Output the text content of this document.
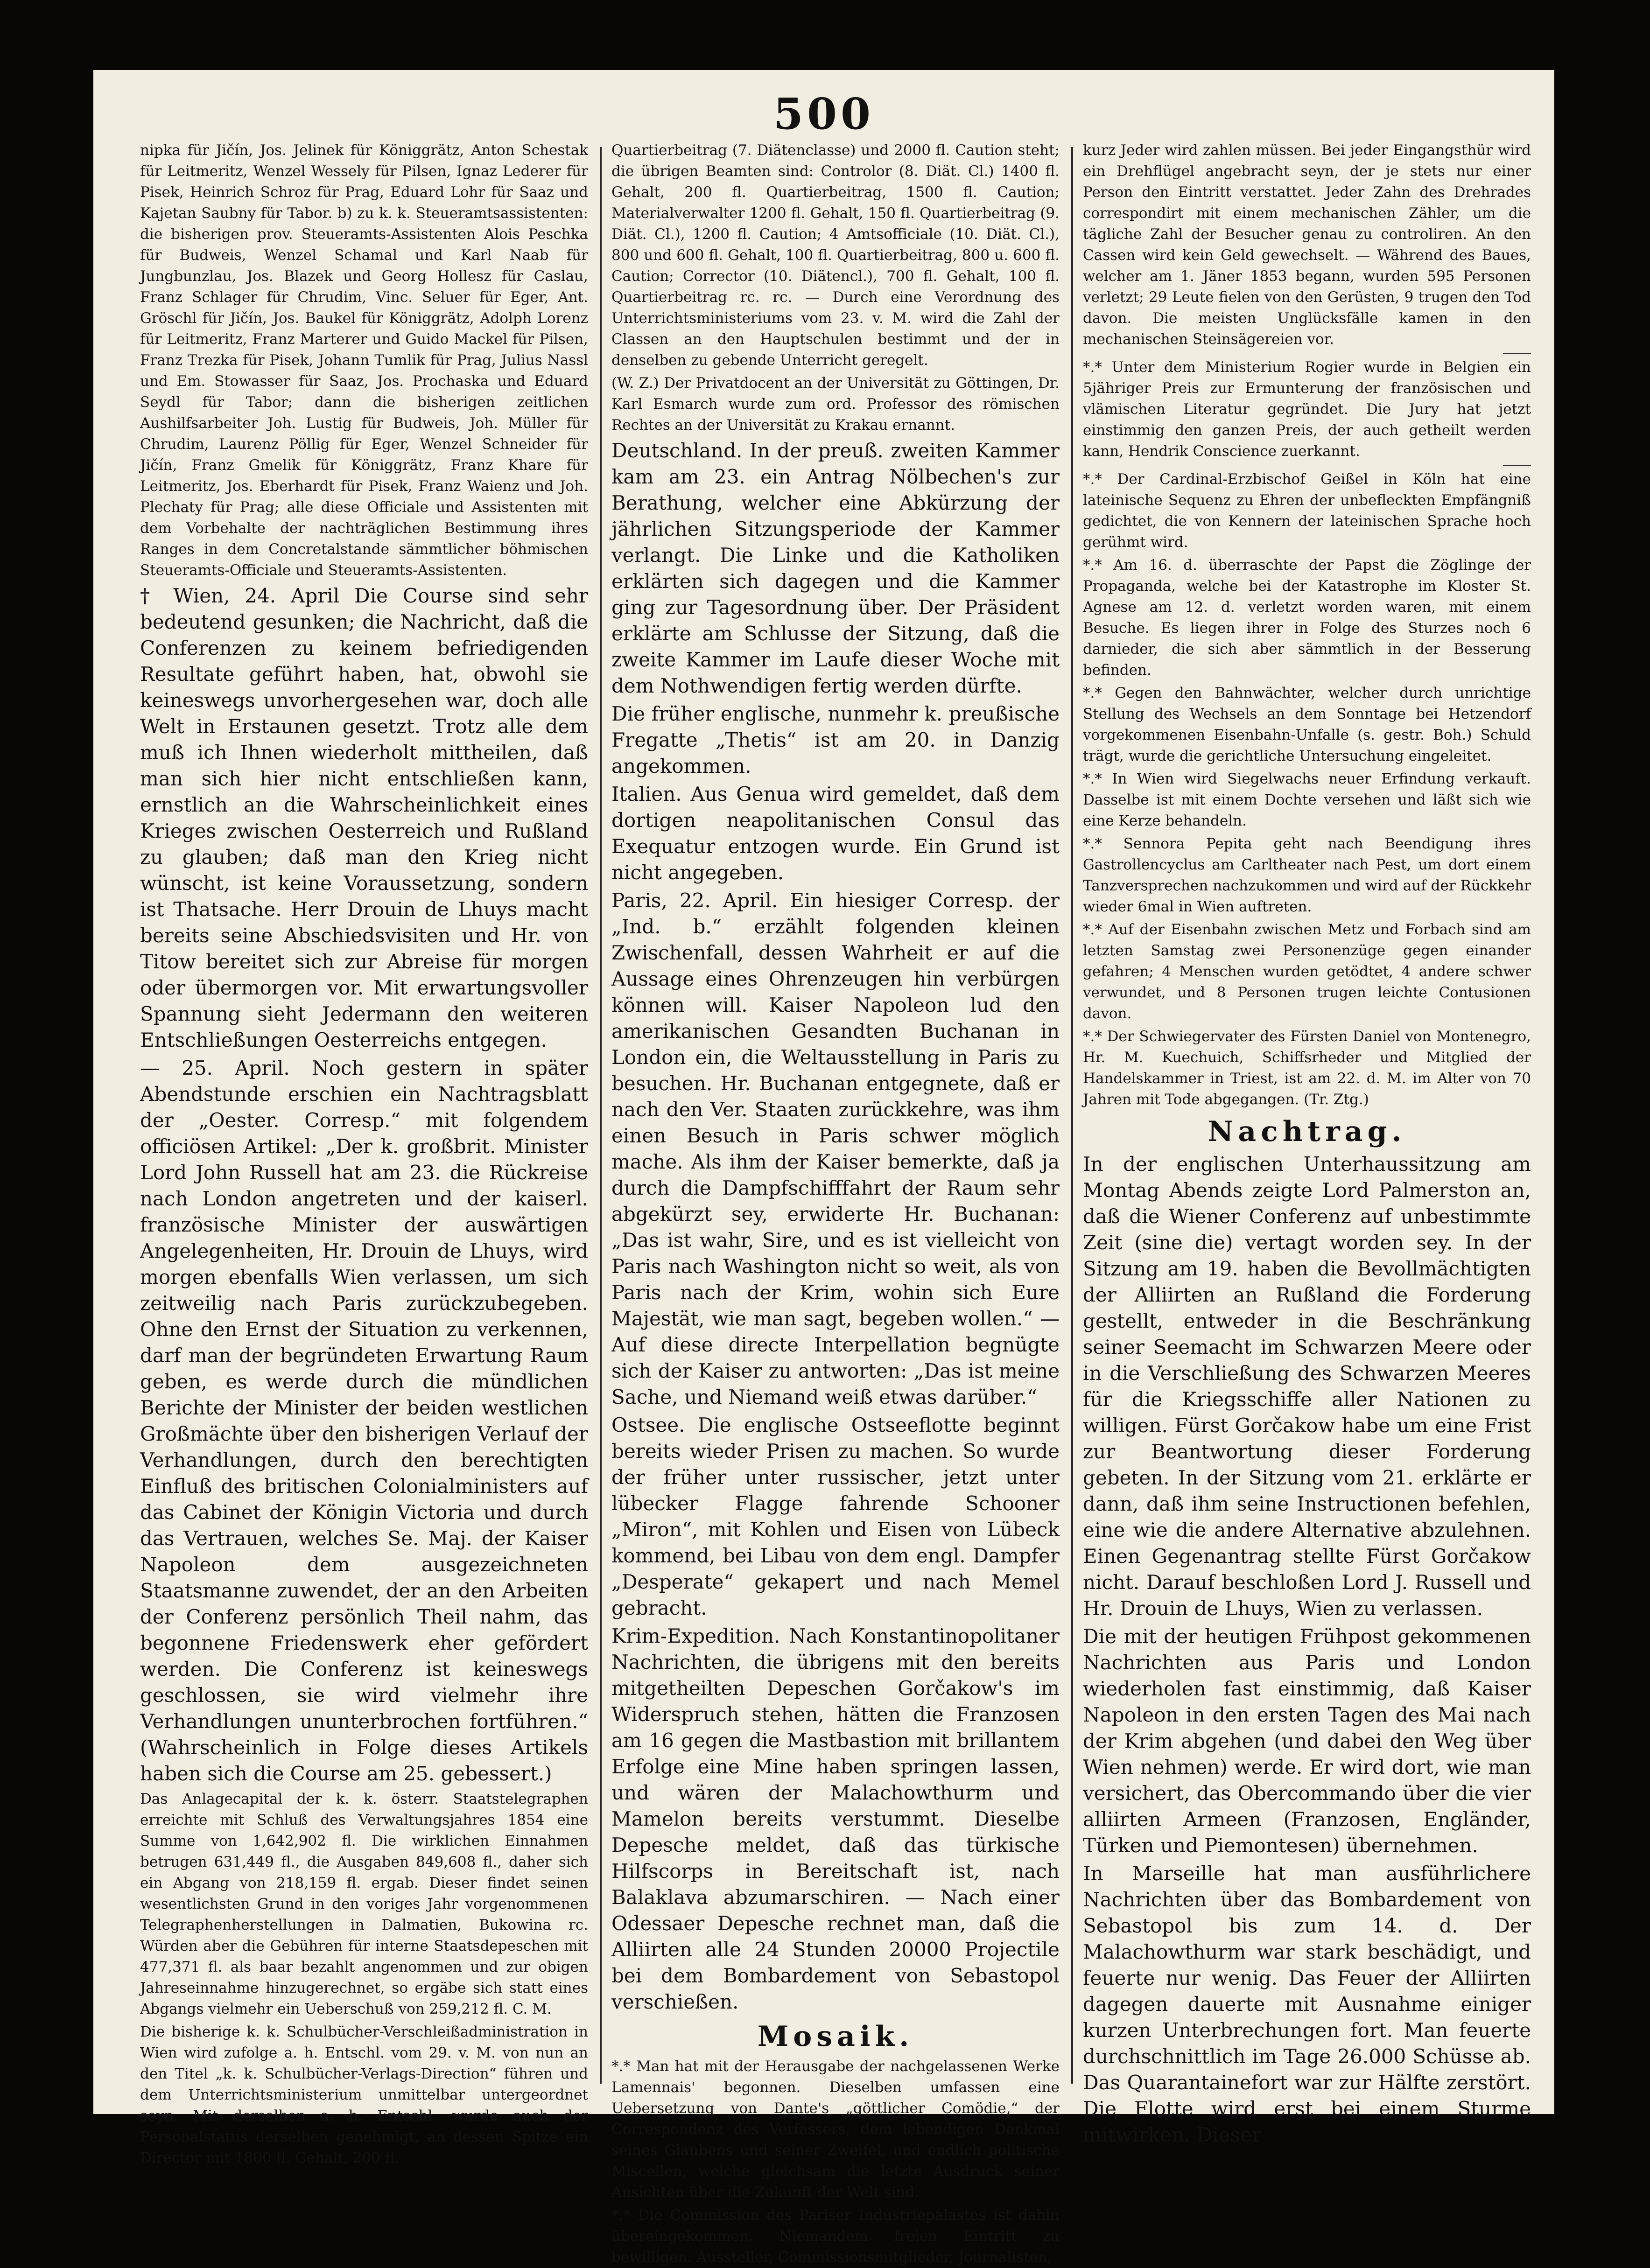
500

nipka für Jičín, Jos. Jelinek für Königgrätz, Anton Schestak für Leitmeritz, Wenzel Wessely für Pilsen, Ignaz Lederer für Pisek, Heinrich Schroz für Prag, Eduard Lohr für Saaz und Kajetan Saubny für Tabor. b) zu k. k. Steueramtsassistenten: die bisherigen prov. Steueramts-Assistenten Alois Peschka für Budweis, Wenzel Schamal und Karl Naab für Jungbunzlau, Jos. Blazek und Georg Hollesz für Caslau, Franz Schlager für Chrudim, Vinc. Seluer für Eger, Ant. Gröschl für Jičín, Jos. Baukel für Königgrätz, Adolph Lorenz für Leitmeritz, Franz Marterer und Guido Mackel für Pilsen, Franz Trezka für Pisek, Johann Tumlik für Prag, Julius Nassl und Em. Stowasser für Saaz, Jos. Prochaska und Eduard Seydl für Tabor; dann die bisherigen zeitlichen Aushilfsarbeiter Joh. Lustig für Budweis, Joh. Müller für Chrudim, Laurenz Pöllig für Eger, Wenzel Schneider für Jičín, Franz Gmelik für Königgrätz, Franz Khare für Leitmeritz, Jos. Eberhardt für Pisek, Franz Waienz und Joh. Plechaty für Prag; alle diese Officiale und Assistenten mit dem Vorbehalte der nachträglichen Bestimmung ihres Ranges in dem Concretalstande sämmtlicher böhmischen Steueramts-Officiale und Steueramts-Assistenten.

† Wien, 24. April Die Course sind sehr bedeutend gesunken; die Nachricht, daß die Conferenzen zu keinem befriedigenden Resultate geführt haben, hat, obwohl sie keineswegs unvorhergesehen war, doch alle Welt in Erstaunen gesetzt. Trotz alle dem muß ich Ihnen wiederholt mittheilen, daß man sich hier nicht entschließen kann, ernstlich an die Wahrscheinlichkeit eines Krieges zwischen Oesterreich und Rußland zu glauben; daß man den Krieg nicht wünscht, ist keine Voraussetzung, sondern ist Thatsache. Herr Drouin de Lhuys macht bereits seine Abschiedsvisiten und Hr. von Titow bereitet sich zur Abreise für morgen oder übermorgen vor. Mit erwartungsvoller Spannung sieht Jedermann den weiteren Entschließungen Oesterreichs entgegen.

— 25. April. Noch gestern in später Abendstunde erschien ein Nachtragsblatt der „Oester. Corresp.“ mit folgendem officiösen Artikel: „Der k. großbrit. Minister Lord John Russell hat am 23. die Rückreise nach London angetreten und der kaiserl. französische Minister der auswärtigen Angelegenheiten, Hr. Drouin de Lhuys, wird morgen ebenfalls Wien verlassen, um sich zeitweilig nach Paris zurückzubegeben. Ohne den Ernst der Situation zu verkennen, darf man der begründeten Erwartung Raum geben, es werde durch die mündlichen Berichte der Minister der beiden westlichen Großmächte über den bisherigen Verlauf der Verhandlungen, durch den berechtigten Einfluß des britischen Colonialministers auf das Cabinet der Königin Victoria und durch das Vertrauen, welches Se. Maj. der Kaiser Napoleon dem ausgezeichneten Staatsmanne zuwendet, der an den Arbeiten der Conferenz persönlich Theil nahm, das begonnene Friedenswerk eher gefördert werden. Die Conferenz ist keineswegs geschlossen, sie wird vielmehr ihre Verhandlungen ununterbrochen fortführen.“ (Wahrscheinlich in Folge dieses Artikels haben sich die Course am 25. gebessert.)

Das Anlagecapital der k. k. österr. Staatstelegraphen erreichte mit Schluß des Verwaltungsjahres 1854 eine Summe von 1,642,902 fl. Die wirklichen Einnahmen betrugen 631,449 fl., die Ausgaben 849,608 fl., daher sich ein Abgang von 218,159 fl. ergab. Dieser findet seinen wesentlichsten Grund in den voriges Jahr vorgenommenen Telegraphenherstellungen in Dalmatien, Bukowina rc. Würden aber die Gebühren für interne Staatsdepeschen mit 477,371 fl. als baar bezahlt angenommen und zur obigen Jahreseinnahme hinzugerechnet, so ergäbe sich statt eines Abgangs vielmehr ein Ueberschuß von 259,212 fl. C. M.

Die bisherige k. k. Schulbücher-Verschleißadministration in Wien wird zufolge a. h. Entschl. vom 29. v. M. von nun an den Titel „k. k. Schulbücher-Verlags-Direction“ führen und dem Unterrichtsministerium unmittelbar untergeordnet seyn. Mit derselben a. h. Entschl. wurde auch der Personalstatus derselben genehmigt, an dessen Spitze ein Director mit 1800 fl. Gehalt, 200 fl.

Quartierbeitrag (7. Diätenclasse) und 2000 fl. Caution steht; die übrigen Beamten sind: Controlor (8. Diät. Cl.) 1400 fl. Gehalt, 200 fl. Quartierbeitrag, 1500 fl. Caution; Materialverwalter 1200 fl. Gehalt, 150 fl. Quartierbeitrag (9. Diät. Cl.), 1200 fl. Caution; 4 Amtsofficiale (10. Diät. Cl.), 800 und 600 fl. Gehalt, 100 fl. Quartierbeitrag, 800 u. 600 fl. Caution; Corrector (10. Diätencl.), 700 fl. Gehalt, 100 fl. Quartierbeitrag rc. rc. — Durch eine Verordnung des Unterrichtsministeriums vom 23. v. M. wird die Zahl der Classen an den Hauptschulen bestimmt und der in denselben zu gebende Unterricht geregelt.

(W. Z.) Der Privatdocent an der Universität zu Göttingen, Dr. Karl Esmarch wurde zum ord. Professor des römischen Rechtes an der Universität zu Krakau ernannt.

Deutschland. In der preuß. zweiten Kammer kam am 23. ein Antrag Nölbechen's zur Berathung, welcher eine Abkürzung der jährlichen Sitzungsperiode der Kammer verlangt. Die Linke und die Katholiken erklärten sich dagegen und die Kammer ging zur Tagesordnung über. Der Präsident erklärte am Schlusse der Sitzung, daß die zweite Kammer im Laufe dieser Woche mit dem Nothwendigen fertig werden dürfte.

Die früher englische, nunmehr k. preußische Fregatte „Thetis“ ist am 20. in Danzig angekommen.

Italien. Aus Genua wird gemeldet, daß dem dortigen neapolitanischen Consul das Exequatur entzogen wurde. Ein Grund ist nicht angegeben.

Paris, 22. April. Ein hiesiger Corresp. der „Ind. b.“ erzählt folgenden kleinen Zwischenfall, dessen Wahrheit er auf die Aussage eines Ohrenzeugen hin verbürgen können will. Kaiser Napoleon lud den amerikanischen Gesandten Buchanan in London ein, die Weltausstellung in Paris zu besuchen. Hr. Buchanan entgegnete, daß er nach den Ver. Staaten zurückkehre, was ihm einen Besuch in Paris schwer möglich mache. Als ihm der Kaiser bemerkte, daß ja durch die Dampfschifffahrt der Raum sehr abgekürzt sey, erwiderte Hr. Buchanan: „Das ist wahr, Sire, und es ist vielleicht von Paris nach Washington nicht so weit, als von Paris nach der Krim, wohin sich Eure Majestät, wie man sagt, begeben wollen.“ — Auf diese directe Interpellation begnügte sich der Kaiser zu antworten: „Das ist meine Sache, und Niemand weiß etwas darüber.“

Ostsee. Die englische Ostseeflotte beginnt bereits wieder Prisen zu machen. So wurde der früher unter russischer, jetzt unter lübecker Flagge fahrende Schooner „Miron“, mit Kohlen und Eisen von Lübeck kommend, bei Libau von dem engl. Dampfer „Desperate“ gekapert und nach Memel gebracht.

Krim-Expedition. Nach Konstantinopolitaner Nachrichten, die übrigens mit den bereits mitgetheilten Depeschen Gorčakow's im Widerspruch stehen, hätten die Franzosen am 16 gegen die Mastbastion mit brillantem Erfolge eine Mine haben springen lassen, und wären der Malachowthurm und Mamelon bereits verstummt. Dieselbe Depesche meldet, daß das türkische Hilfscorps in Bereitschaft ist, nach Balaklava abzumarschiren. — Nach einer Odessaer Depesche rechnet man, daß die Alliirten alle 24 Stunden 20000 Projectile bei dem Bombardement von Sebastopol verschießen.

Mosaik.

*.* Man hat mit der Herausgabe der nachgelassenen Werke Lamennais' begonnen. Dieselben umfassen eine Uebersetzung von Dante's „göttlicher Comödie,“ der Correspondenz des Verfassers, dem lebendigen Denkmal seines Glaubens und seiner Zweifel, und endlich politische Miscellen, welche gleichsam die letzte Ausdruck seiner Ansichten über die Zukunft der Welt sind.

*.* Die Commission des Pariser Industriepalastes ist dahin übereingekommen, Niemandem freien Eintritt zu bewilligen. Aussteller, Commissionsmitglieder, Journalisten,

kurz Jeder wird zahlen müssen. Bei jeder Eingangsthür wird ein Drehflügel angebracht seyn, der je stets nur einer Person den Eintritt verstattet. Jeder Zahn des Drehrades correspondirt mit einem mechanischen Zähler, um die tägliche Zahl der Besucher genau zu controliren. An den Cassen wird kein Geld gewechselt. — Während des Baues, welcher am 1. Jäner 1853 begann, wurden 595 Personen verletzt; 29 Leute fielen von den Gerüsten, 9 trugen den Tod davon. Die meisten Unglücksfälle kamen in den mechanischen Steinsägereien vor.

*.* Unter dem Ministerium Rogier wurde in Belgien ein 5jähriger Preis zur Ermunterung der französischen und vlämischen Literatur gegründet. Die Jury hat jetzt einstimmig den ganzen Preis, der auch getheilt werden kann, Hendrik Conscience zuerkannt.

*.* Der Cardinal-Erzbischof Geißel in Köln hat eine lateinische Sequenz zu Ehren der unbefleckten Empfängniß gedichtet, die von Kennern der lateinischen Sprache hoch gerühmt wird.

*.* Am 16. d. überraschte der Papst die Zöglinge der Propaganda, welche bei der Katastrophe im Kloster St. Agnese am 12. d. verletzt worden waren, mit einem Besuche. Es liegen ihrer in Folge des Sturzes noch 6 darnieder, die sich aber sämmtlich in der Besserung befinden.

*.* Gegen den Bahnwächter, welcher durch unrichtige Stellung des Wechsels an dem Sonntage bei Hetzendorf vorgekommenen Eisenbahn-Unfalle (s. gestr. Boh.) Schuld trägt, wurde die gerichtliche Untersuchung eingeleitet.

*.* In Wien wird Siegelwachs neuer Erfindung verkauft. Dasselbe ist mit einem Dochte versehen und läßt sich wie eine Kerze behandeln.

*.* Sennora Pepita geht nach Beendigung ihres Gastrollencyclus am Carltheater nach Pest, um dort einem Tanzversprechen nachzukommen und wird auf der Rückkehr wieder 6mal in Wien auftreten.

*.* Auf der Eisenbahn zwischen Metz und Forbach sind am letzten Samstag zwei Personenzüge gegen einander gefahren; 4 Menschen wurden getödtet, 4 andere schwer verwundet, und 8 Personen trugen leichte Contusionen davon.

*.* Der Schwiegervater des Fürsten Daniel von Montenegro, Hr. M. Kuechuich, Schiffsrheder und Mitglied der Handelskammer in Triest, ist am 22. d. M. im Alter von 70 Jahren mit Tode abgegangen. (Tr. Ztg.)

Nachtrag.

In der englischen Unterhaussitzung am Montag Abends zeigte Lord Palmerston an, daß die Wiener Conferenz auf unbestimmte Zeit (sine die) vertagt worden sey. In der Sitzung am 19. haben die Bevollmächtigten der Alliirten an Rußland die Forderung gestellt, entweder in die Beschränkung seiner Seemacht im Schwarzen Meere oder in die Verschließung des Schwarzen Meeres für die Kriegsschiffe aller Nationen zu willigen. Fürst Gorčakow habe um eine Frist zur Beantwortung dieser Forderung gebeten. In der Sitzung vom 21. erklärte er dann, daß ihm seine Instructionen befehlen, eine wie die andere Alternative abzulehnen. Einen Gegenantrag stellte Fürst Gorčakow nicht. Darauf beschloßen Lord J. Russell und Hr. Drouin de Lhuys, Wien zu verlassen.

Die mit der heutigen Frühpost gekommenen Nachrichten aus Paris und London wiederholen fast einstimmig, daß Kaiser Napoleon in den ersten Tagen des Mai nach der Krim abgehen (und dabei den Weg über Wien nehmen) werde. Er wird dort, wie man versichert, das Obercommando über die vier alliirten Armeen (Franzosen, Engländer, Türken und Piemontesen) übernehmen.

In Marseille hat man ausführlichere Nachrichten über das Bombardement von Sebastopol bis zum 14. d. Der Malachowthurm war stark beschädigt, und feuerte nur wenig. Das Feuer der Alliirten dagegen dauerte mit Ausnahme einiger kurzen Unterbrechungen fort. Man feuerte durchschnittlich im Tage 26.000 Schüsse ab. Das Quarantainefort war zur Hälfte zerstört. Die Flotte wird erst bei einem Sturme mitwirken. Dieser
